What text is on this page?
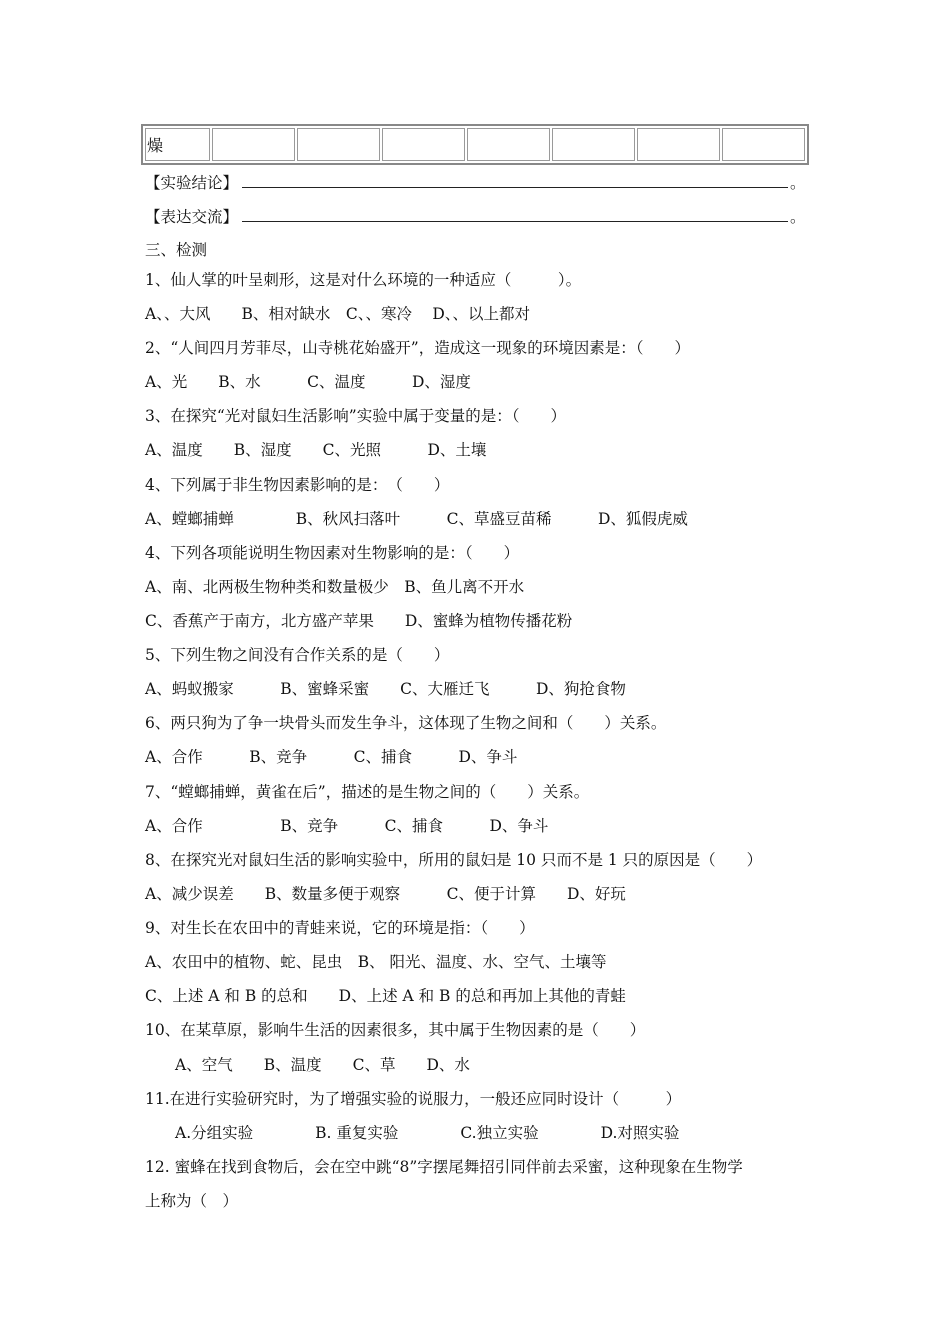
燥							
【实验结论】	。
【表达交流】	。
三、检测
1、仙人掌的叶呈刺形，这是对什么环境的一种适应（　　　）。
A、、大风　　B、相对缺水　C、、寒冷　 D、、以上都对
2、“人间四月芳菲尽，山寺桃花始盛开”，造成这一现象的环境因素是：（　　）
A、光　　B、水　　　C、温度　　　D、湿度
3、在探究“光对鼠妇生活影响”实验中属于变量的是：（　　）
A、温度　　B、湿度　　C、光照　　　D、土壤
4、下列属于非生物因素影响的是：　（　　）
A、螳螂捕蝉　　　　B、秋风扫落叶　　　C、草盛豆苗稀　　　D、狐假虎威
4、下列各项能说明生物因素对生物影响的是：（　　）
A、南、北两极生物种类和数量极少　B、鱼儿离不开水
C、香蕉产于南方，北方盛产苹果　　D、蜜蜂为植物传播花粉
5、下列生物之间没有合作关系的是（　　）
A、蚂蚁搬家　　　B、蜜蜂采蜜　　C、大雁迁飞　　　D、狗抢食物
6、两只狗为了争一块骨头而发生争斗，这体现了生物之间和（　　）关系。
A、合作　　　B、竞争　　　C、捕食　　　D、争斗
7、“螳螂捕蝉，黄雀在后”，描述的是生物之间的（　　）关系。
A、合作　　　　　B、竞争　　　C、捕食　　　D、争斗
8、在探究光对鼠妇生活的影响实验中，所用的鼠妇是 10 只而不是 1 只的原因是（　　）
A、减少误差　　B、数量多便于观察　　　C、便于计算　　D、好玩
9、对生长在农田中的青蛙来说，它的环境是指：（　　）
A、农田中的植物、蛇、昆虫　B、 阳光、温度、水、空气、土壤等
C、上述 A 和 B 的总和　　D、上述 A 和 B 的总和再加上其他的青蛙
10、在某草原，影响牛生活的因素很多，其中属于生物因素的是（　　）
A、空气　　B、温度　　C、草　　D、水
11.在进行实验研究时，为了增强实验的说服力，一般还应同时设计（　　　）
A.分组实验　　　　B. 重复实验　　　　C.独立实验　　　　D.对照实验
12. 蜜蜂在找到食物后，会在空中跳“8”字摆尾舞招引同伴前去采蜜，这种现象在生物学
上称为（　）
